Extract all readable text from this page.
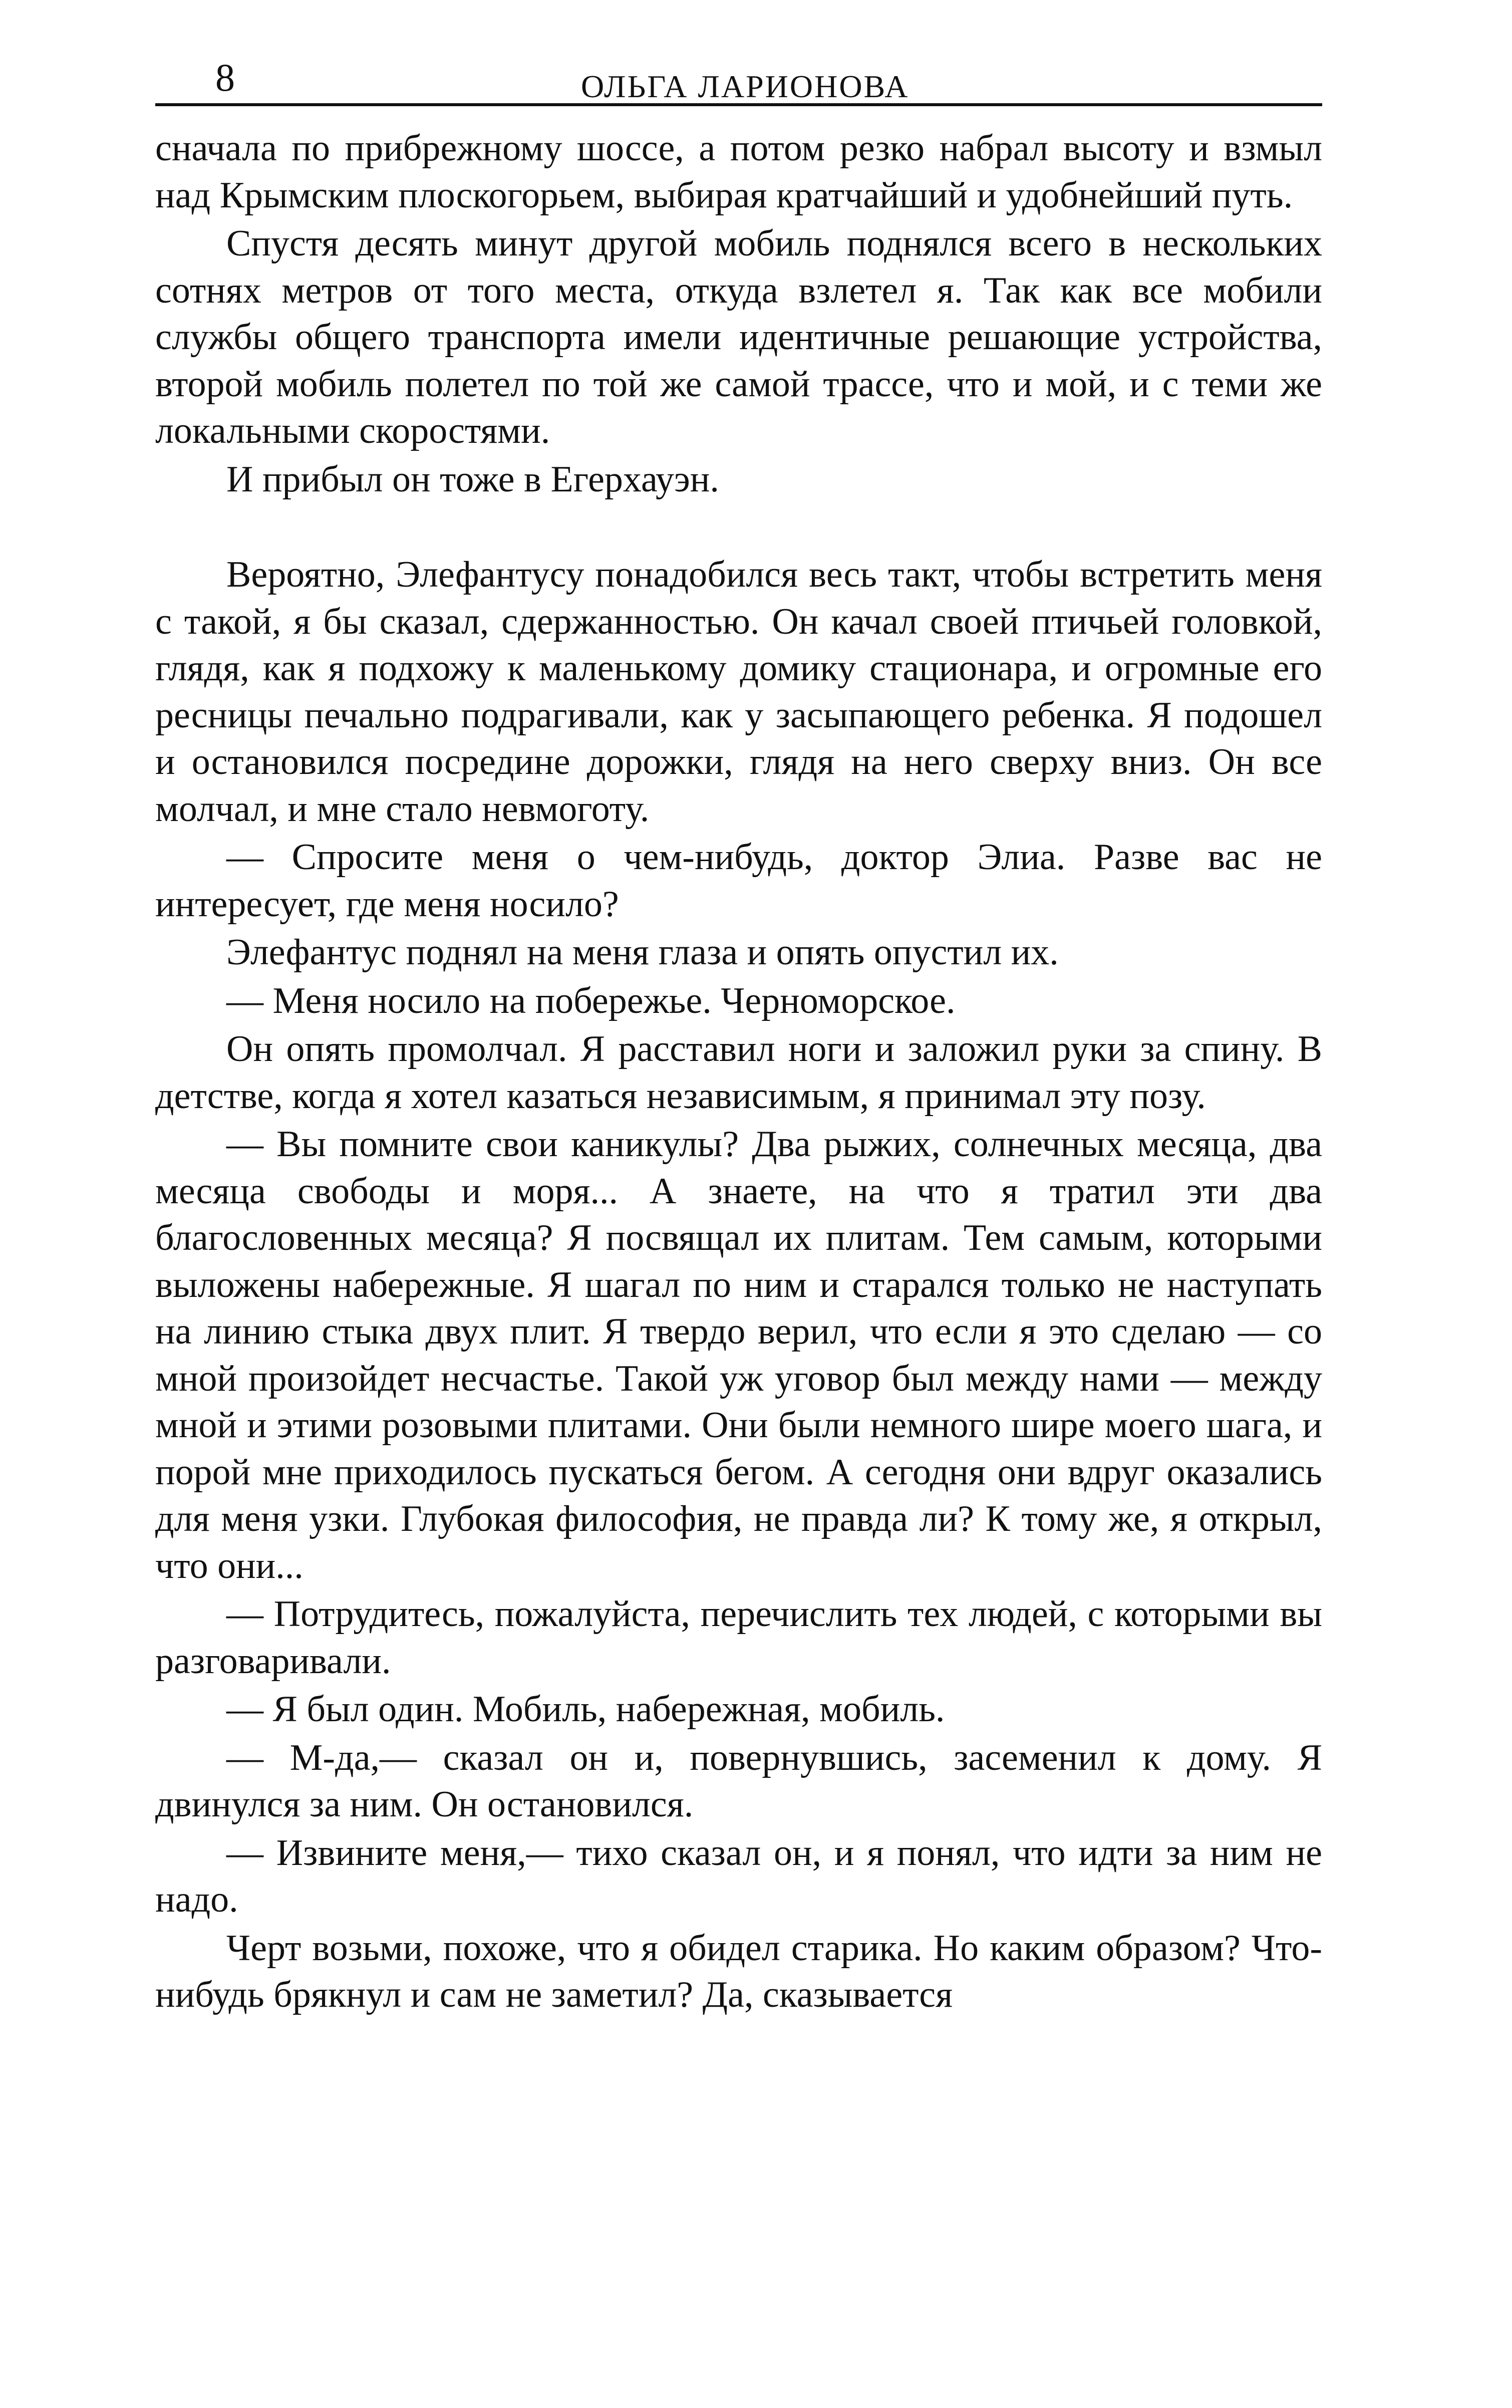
8	ОЛЬГА ЛАРИОНОВА

сначала по прибрежному шоссе, а потом резко набрал высоту и взмыл над Крымским плоскогорьем, выбирая кратчайший и удобнейший путь.

Спустя десять минут другой мобиль поднялся всего в нескольких сотнях метров от того места, откуда взлетел я. Так как все мобили службы общего транспорта имели идентичные решающие устройства, второй мобиль полетел по той же самой трассе, что и мой, и с теми же локальными скоростями.

И прибыл он тоже в Егерхауэн.

Вероятно, Элефантусу понадобился весь такт, чтобы встретить меня с такой, я бы сказал, сдержанностью. Он качал своей птичьей головкой, глядя, как я подхожу к маленькому домику стационара, и огромные его ресницы печально подрагивали, как у засыпающего ребенка. Я подошел и остановился посредине дорожки, глядя на него сверху вниз. Он все молчал, и мне стало невмоготу.

— Спросите меня о чем-нибудь, доктор Элиа. Разве вас не интересует, где меня носило?

Элефантус поднял на меня глаза и опять опустил их.

— Меня носило на побережье. Черноморское.

Он опять промолчал. Я расставил ноги и заложил руки за спину. В детстве, когда я хотел казаться независимым, я принимал эту позу.

— Вы помните свои каникулы? Два рыжих, солнечных месяца, два месяца свободы и моря... А знаете, на что я тратил эти два благословенных месяца? Я посвящал их плитам. Тем самым, которыми выложены набережные. Я шагал по ним и старался только не наступать на линию стыка двух плит. Я твердо верил, что если я это сделаю — со мной произойдет несчастье. Такой уж уговор был между нами — между мной и этими розовыми плитами. Они были немного шире моего шага, и порой мне приходилось пускаться бегом. А сегодня они вдруг оказались для меня узки. Глубокая философия, не правда ли? К тому же, я открыл, что они...

— Потрудитесь, пожалуйста, перечислить тех людей, с которыми вы разговаривали.

— Я был один. Мобиль, набережная, мобиль.

— М-да,— сказал он и, повернувшись, засеменил к дому. Я двинулся за ним. Он остановился.

— Извините меня,— тихо сказал он, и я понял, что идти за ним не надо.

Черт возьми, похоже, что я обидел старика. Но каким образом? Что-нибудь брякнул и сам не заметил? Да, сказывается
